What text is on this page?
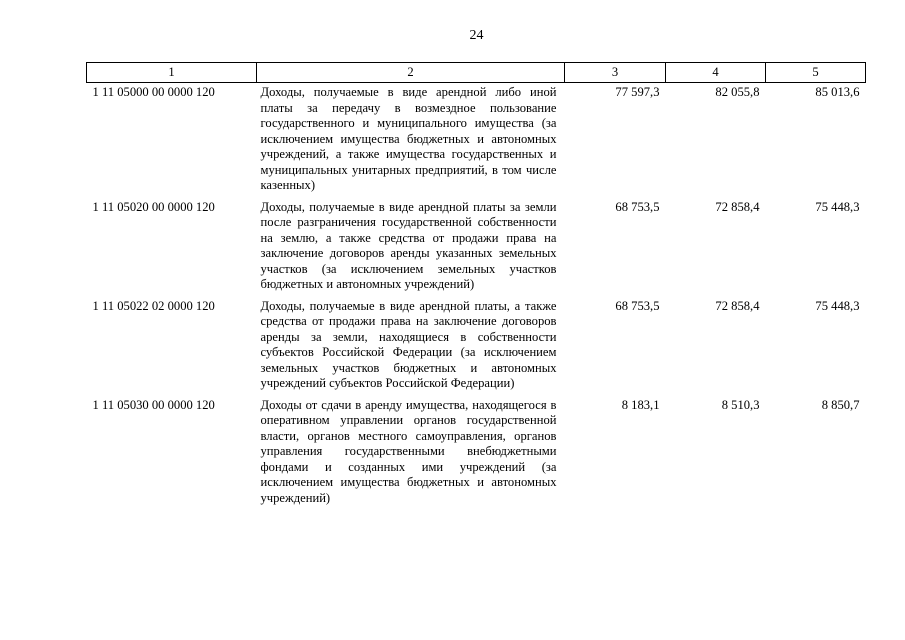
24
1	2	3	4	5
1 11 05000 00 0000 120	Доходы, получаемые в виде арендной либо иной платы за передачу в возмездное пользование государственного и муниципального имущества (за исключением имущества бюджетных и автономных учреждений, а также имущества государственных и муниципальных унитарных предприятий, в том числе казенных)	77 597,3	82 055,8	85 013,6
1 11 05020 00 0000 120	Доходы, получаемые в виде арендной платы за земли после разграничения государственной собственности на землю, а также средства от продажи права на заключение договоров аренды указанных земельных участков (за исключением земельных участков бюджетных и автономных учреждений)	68 753,5	72 858,4	75 448,3
1 11 05022 02 0000 120	Доходы, получаемые в виде арендной платы, а также средства от продажи права на заключение договоров аренды за земли, находящиеся в собственности субъектов Российской Федерации (за исключением земельных участков бюджетных и автономных учреждений субъектов Российской Федерации)	68 753,5	72 858,4	75 448,3
1 11 05030 00 0000 120	Доходы от сдачи в аренду имущества, находящегося в оперативном управлении органов государственной власти, органов местного самоуправления, органов управления государственными внебюджетными фондами и созданных ими учреждений (за исключением имущества бюджетных и автономных учреждений)	8 183,1	8 510,3	8 850,7
